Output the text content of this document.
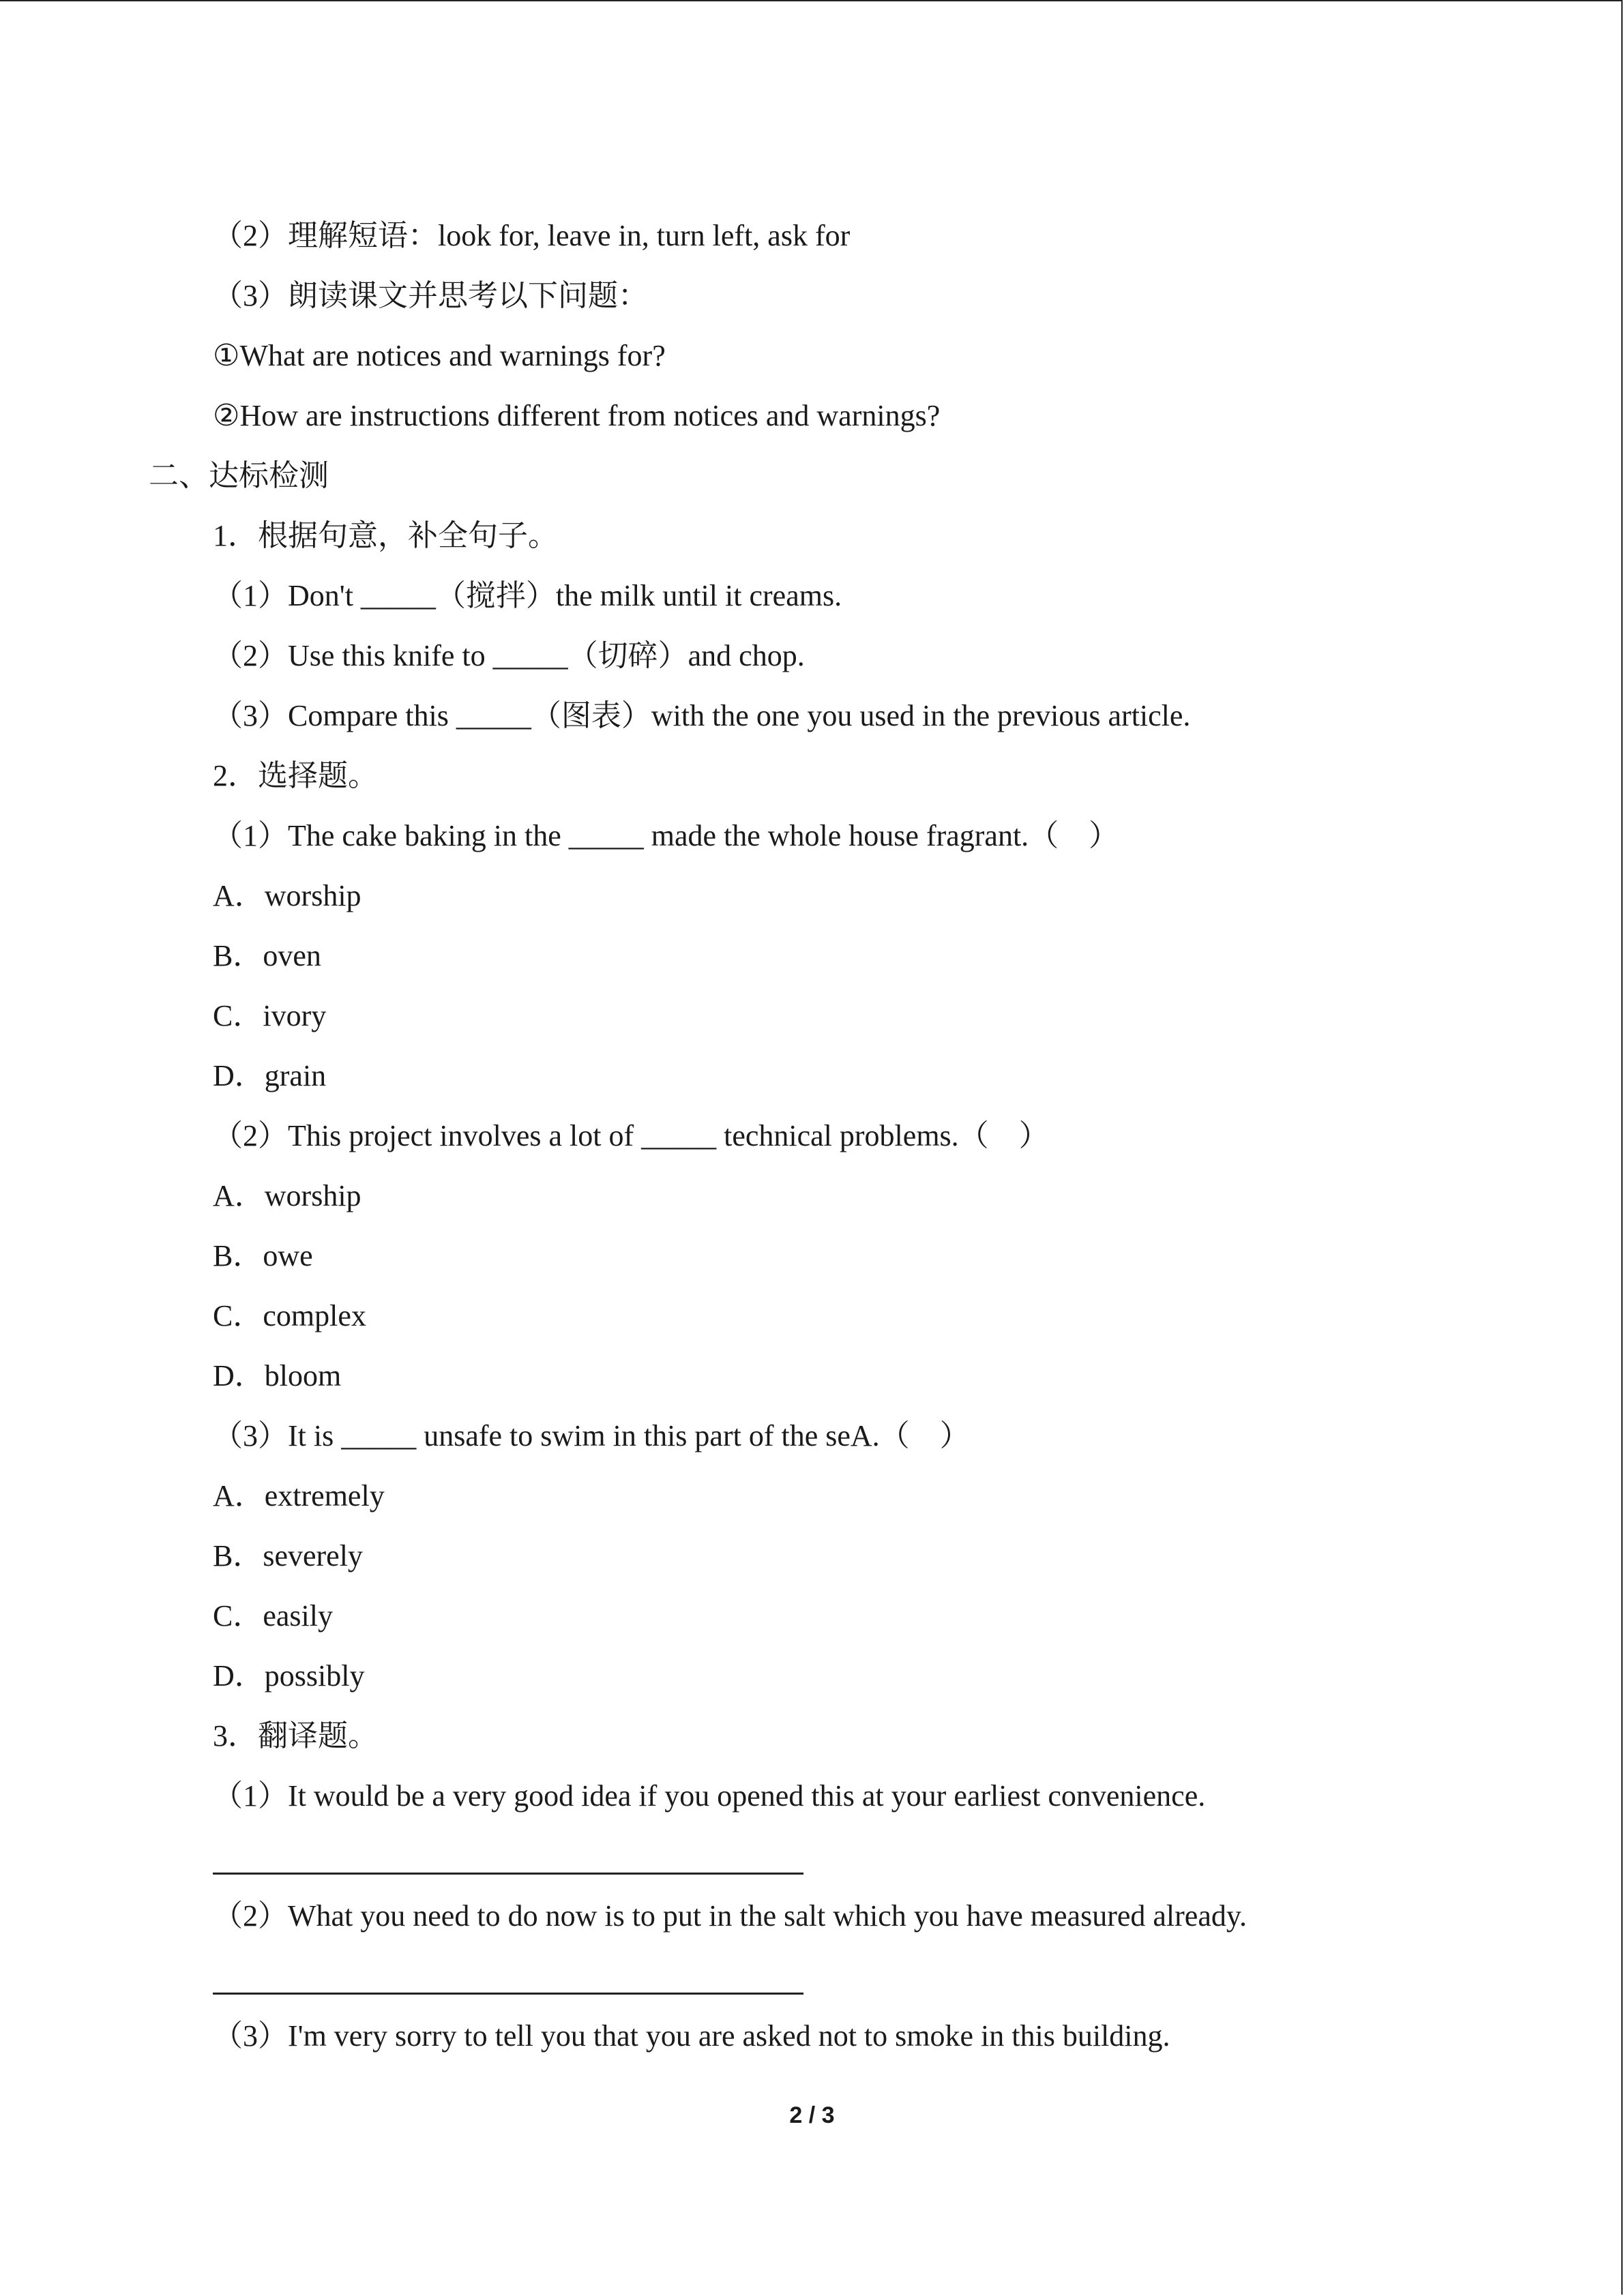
（2）理解短语：look for, leave in, turn left, ask for
（3）朗读课文并思考以下问题：
①What are notices and warnings for?
②How are instructions different from notices and warnings?
二、达标检测
1．根据句意，补全句子。
（1）Don't _____（搅拌）the milk until it creams.
（2）Use this knife to _____（切碎）and chop.
（3）Compare this _____（图表）with the one you used in the previous article.
2．选择题。
（1）The cake baking in the _____ made the whole house fragrant.（　）
A．worship
B．oven
C．ivory
D．grain
（2）This project involves a lot of _____ technical problems.（　）
A．worship
B．owe
C．complex
D．bloom
（3）It is _____ unsafe to swim in this part of the seA.（　）
A．extremely
B．severely
C．easily
D．possibly
3．翻译题。
（1）It would be a very good idea if you opened this at your earliest convenience.
（2）What you need to do now is to put in the salt which you have measured already.
（3）I'm very sorry to tell you that you are asked not to smoke in this building.
2 / 3
